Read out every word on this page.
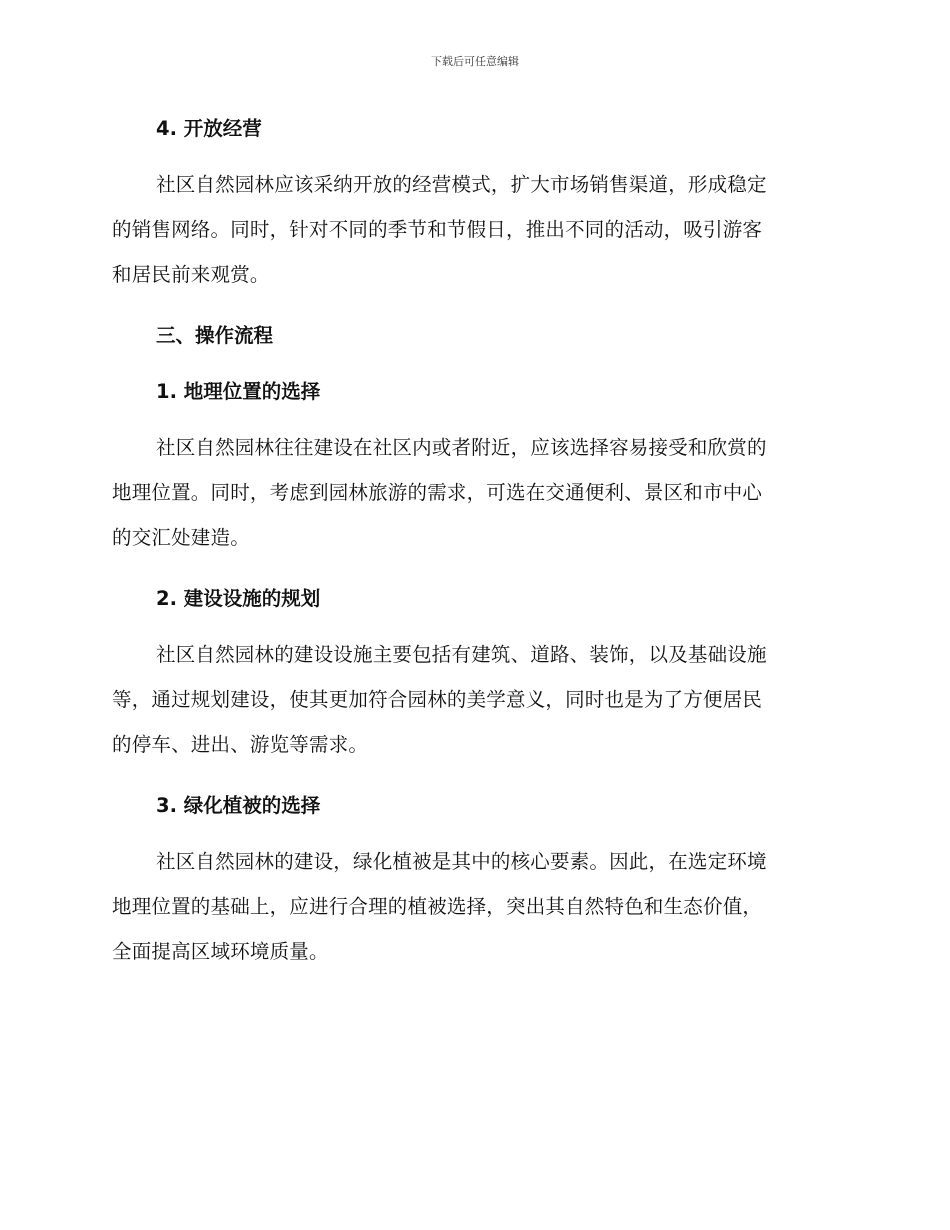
下载后可任意编辑
4. 开放经营

社区自然园林应该采纳开放的经营模式，扩大市场销售渠道，形成稳定
的销售网络。同时，针对不同的季节和节假日，推出不同的活动，吸引游客
和居民前来观赏。

三、操作流程
1. 地理位置的选择

社区自然园林往往建设在社区内或者附近，应该选择容易接受和欣赏的
地理位置。同时，考虑到园林旅游的需求，可选在交通便利、景区和市中心
的交汇处建造。

2. 建设设施的规划

社区自然园林的建设设施主要包括有建筑、道路、装饰，以及基础设施
等，通过规划建设，使其更加符合园林的美学意义，同时也是为了方便居民
的停车、进出、游览等需求。

3. 绿化植被的选择

社区自然园林的建设，绿化植被是其中的核心要素。因此，在选定环境
地理位置的基础上，应进行合理的植被选择，突出其自然特色和生态价值，
全面提高区域环境质量。
